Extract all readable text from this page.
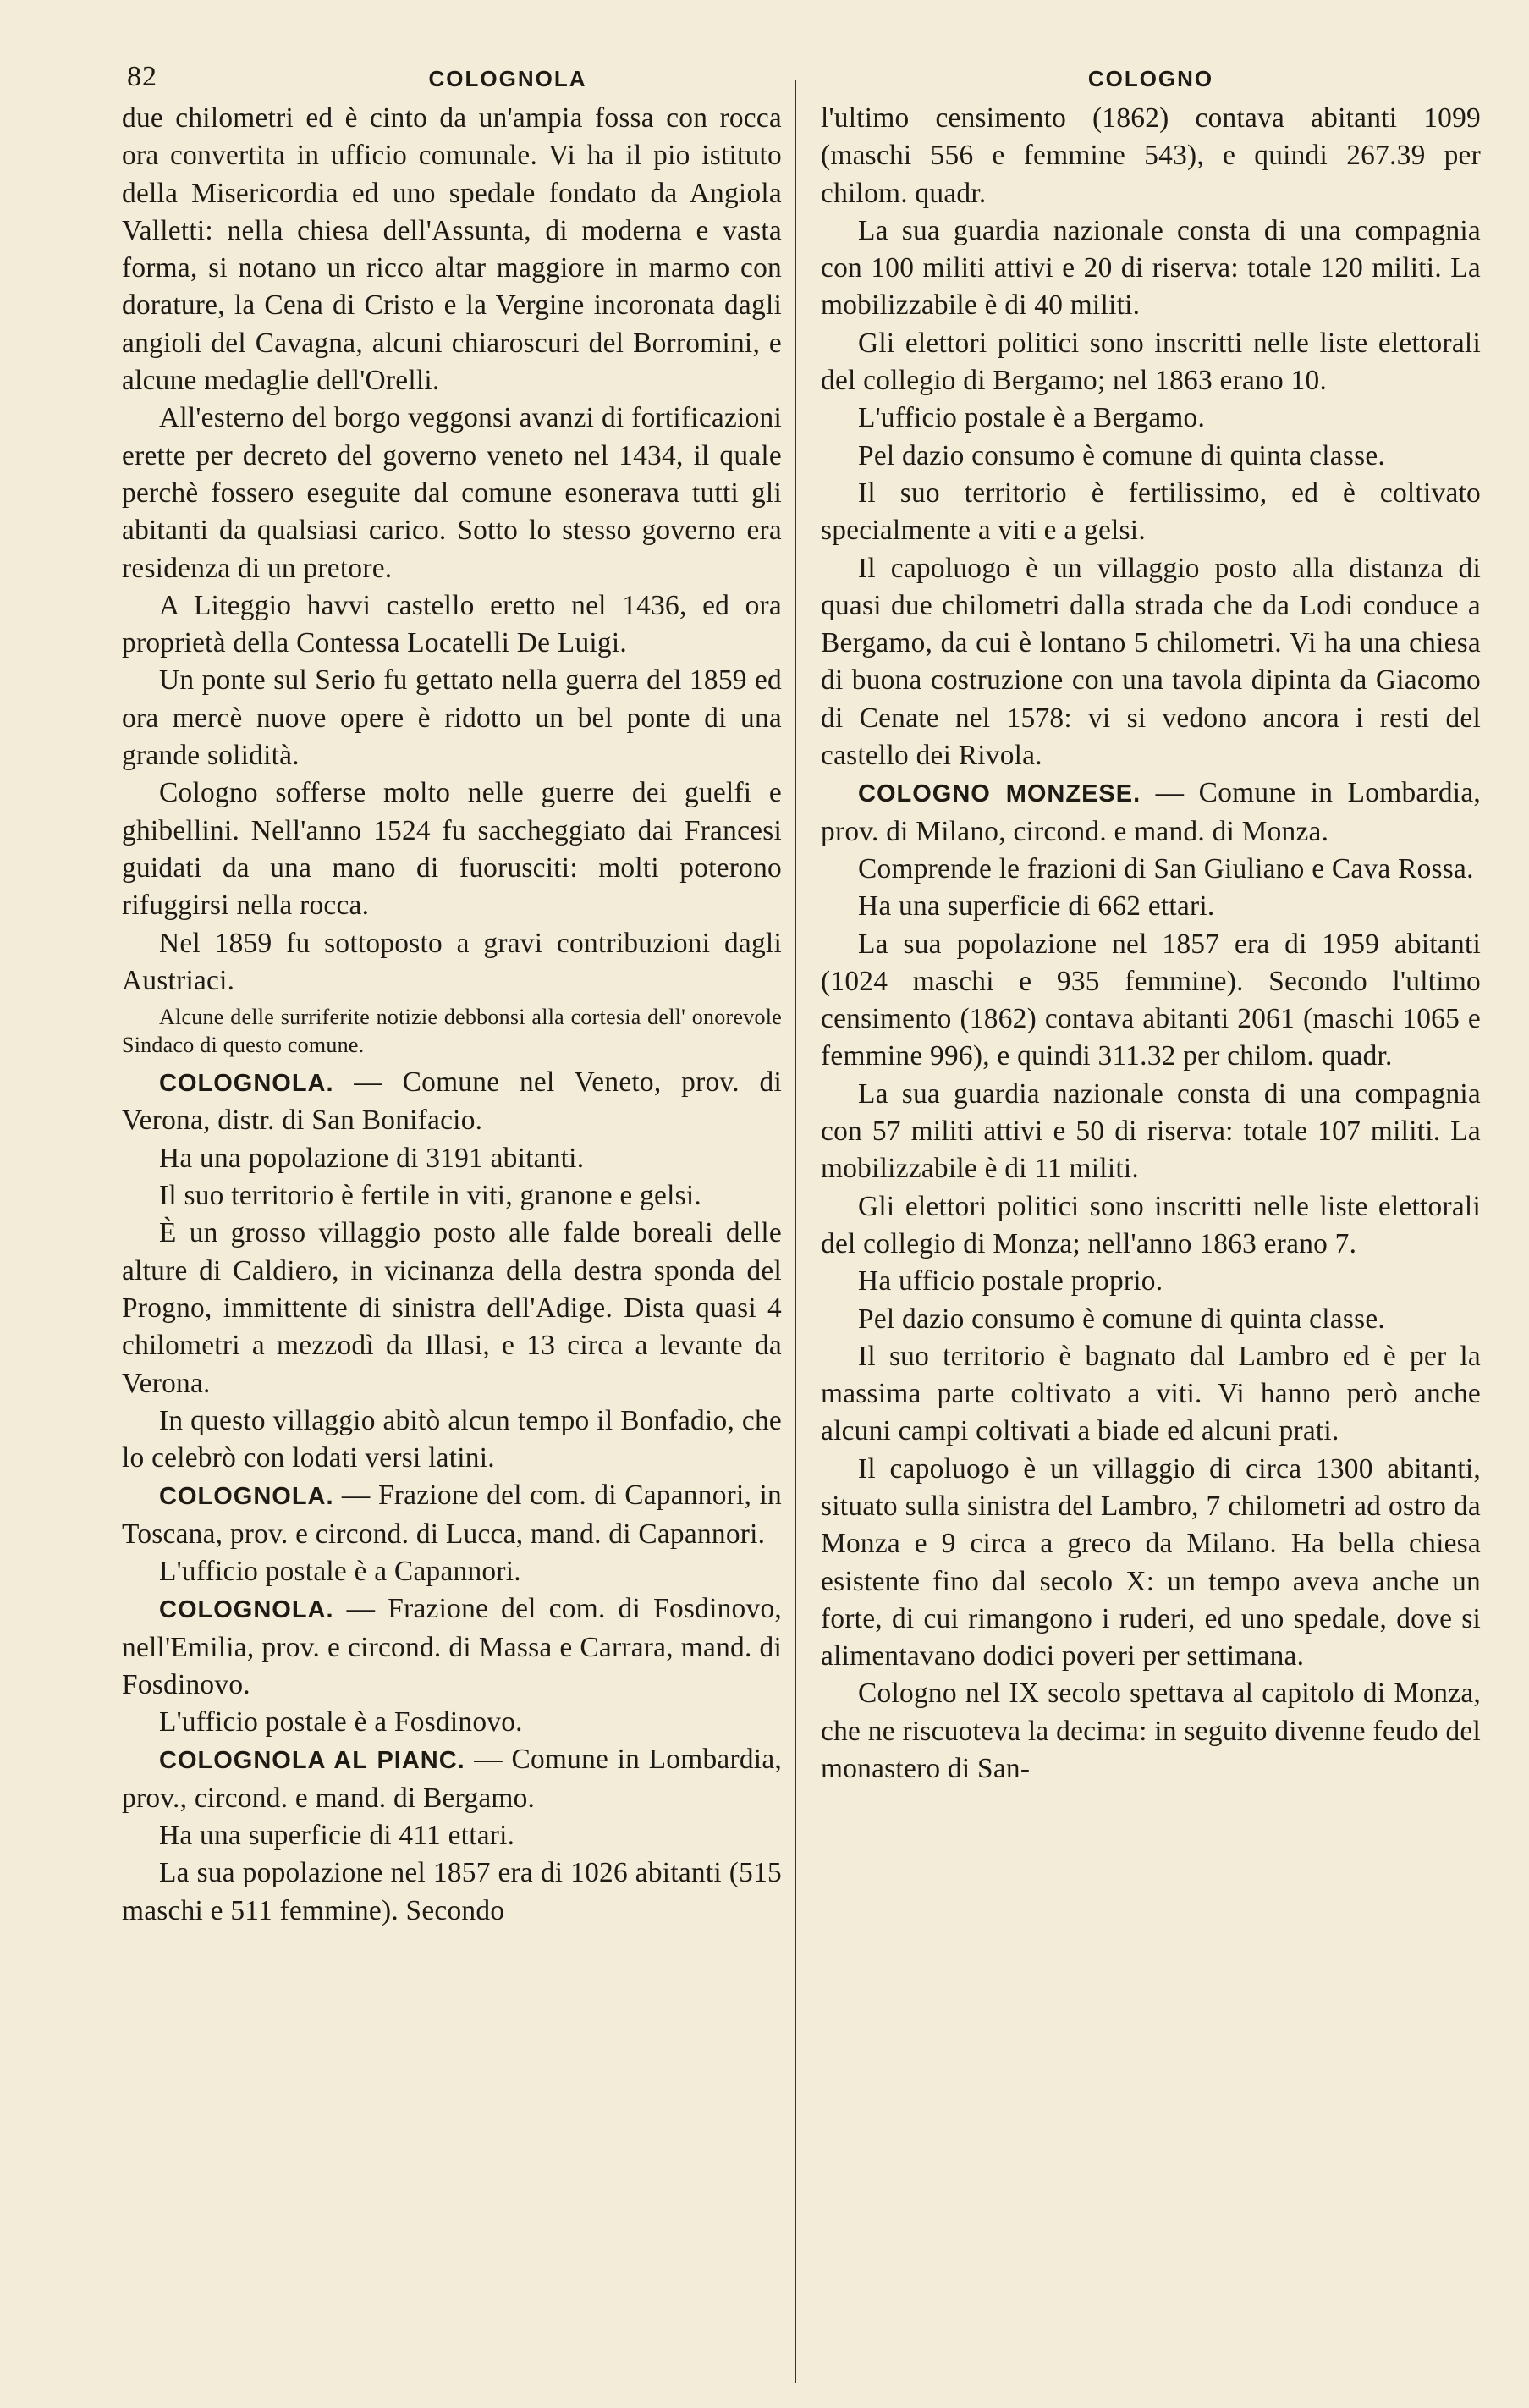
82	COLOGNOLA	COLOGNO

due chilometri ed è cinto da un'ampia fossa con rocca ora convertita in ufficio comunale. Vi ha il pio istituto della Misericordia ed uno spedale fondato da Angiola Valletti: nella chiesa dell'Assunta, di moderna e vasta forma, si notano un ricco altar maggiore in marmo con dorature, la Cena di Cristo e la Vergine incoronata dagli angioli del Cavagna, alcuni chiaroscuri del Borromini, e alcune medaglie dell'Orelli.

All'esterno del borgo veggonsi avanzi di fortificazioni erette per decreto del governo veneto nel 1434, il quale perchè fossero eseguite dal comune esonerava tutti gli abitanti da qualsiasi carico. Sotto lo stesso governo era residenza di un pretore.

A Liteggio havvi castello eretto nel 1436, ed ora proprietà della Contessa Locatelli De Luigi.

Un ponte sul Serio fu gettato nella guerra del 1859 ed ora mercè nuove opere è ridotto un bel ponte di una grande solidità.

Cologno sofferse molto nelle guerre dei guelfi e ghibellini. Nell'anno 1524 fu saccheggiato dai Francesi guidati da una mano di fuorusciti: molti poterono rifuggirsi nella rocca.

Nel 1859 fu sottoposto a gravi contribuzioni dagli Austriaci.

Alcune delle surriferite notizie debbonsi alla cortesia dell' onorevole Sindaco di questo comune.

COLOGNOLA. — Comune nel Veneto, prov. di Verona, distr. di San Bonifacio.

Ha una popolazione di 3191 abitanti.

Il suo territorio è fertile in viti, granone e gelsi.

È un grosso villaggio posto alle falde boreali delle alture di Caldiero, in vicinanza della destra sponda del Progno, immittente di sinistra dell'Adige. Dista quasi 4 chilometri a mezzodì da Illasi, e 13 circa a levante da Verona.

In questo villaggio abitò alcun tempo il Bonfadio, che lo celebrò con lodati versi latini.

COLOGNOLA. — Frazione del com. di Capannori, in Toscana, prov. e circond. di Lucca, mand. di Capannori.

L'ufficio postale è a Capannori.

COLOGNOLA. — Frazione del com. di Fosdinovo, nell'Emilia, prov. e circond. di Massa e Carrara, mand. di Fosdinovo.

L'ufficio postale è a Fosdinovo.

COLOGNOLA AL PIANC. — Comune in Lombardia, prov., circond. e mand. di Bergamo.

Ha una superficie di 411 ettari.

La sua popolazione nel 1857 era di 1026 abitanti (515 maschi e 511 femmine). Secondo

l'ultimo censimento (1862) contava abitanti 1099 (maschi 556 e femmine 543), e quindi 267.39 per chilom. quadr.

La sua guardia nazionale consta di una compagnia con 100 militi attivi e 20 di riserva: totale 120 militi. La mobilizzabile è di 40 militi.

Gli elettori politici sono inscritti nelle liste elettorali del collegio di Bergamo; nel 1863 erano 10.

L'ufficio postale è a Bergamo.

Pel dazio consumo è comune di quinta classe.

Il suo territorio è fertilissimo, ed è coltivato specialmente a viti e a gelsi.

Il capoluogo è un villaggio posto alla distanza di quasi due chilometri dalla strada che da Lodi conduce a Bergamo, da cui è lontano 5 chilometri. Vi ha una chiesa di buona costruzione con una tavola dipinta da Giacomo di Cenate nel 1578: vi si vedono ancora i resti del castello dei Rivola.

COLOGNO MONZESE. — Comune in Lombardia, prov. di Milano, circond. e mand. di Monza.

Comprende le frazioni di San Giuliano e Cava Rossa.

Ha una superficie di 662 ettari.

La sua popolazione nel 1857 era di 1959 abitanti (1024 maschi e 935 femmine). Secondo l'ultimo censimento (1862) contava abitanti 2061 (maschi 1065 e femmine 996), e quindi 311.32 per chilom. quadr.

La sua guardia nazionale consta di una compagnia con 57 militi attivi e 50 di riserva: totale 107 militi. La mobilizzabile è di 11 militi.

Gli elettori politici sono inscritti nelle liste elettorali del collegio di Monza; nell'anno 1863 erano 7.

Ha ufficio postale proprio.

Pel dazio consumo è comune di quinta classe.

Il suo territorio è bagnato dal Lambro ed è per la massima parte coltivato a viti. Vi hanno però anche alcuni campi coltivati a biade ed alcuni prati.

Il capoluogo è un villaggio di circa 1300 abitanti, situato sulla sinistra del Lambro, 7 chilometri ad ostro da Monza e 9 circa a greco da Milano. Ha bella chiesa esistente fino dal secolo X: un tempo aveva anche un forte, di cui rimangono i ruderi, ed uno spedale, dove si alimentavano dodici poveri per settimana.

Cologno nel IX secolo spettava al capitolo di Monza, che ne riscuoteva la decima: in seguito divenne feudo del monastero di San-
